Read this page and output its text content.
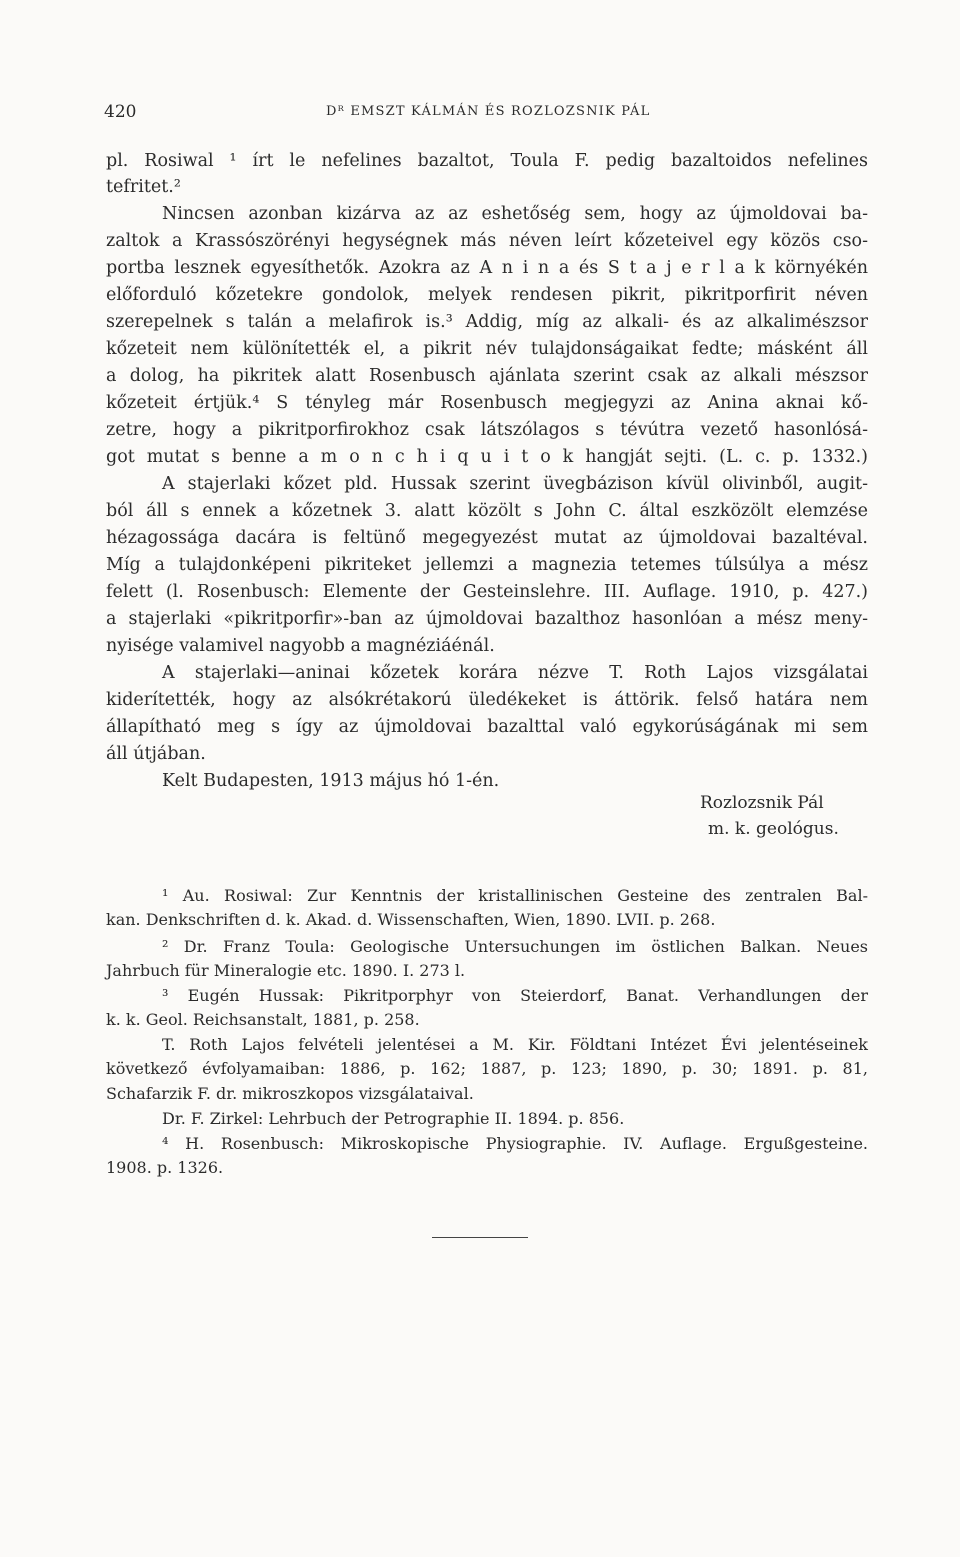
420	Dᴿ EMSZT KÁLMÁN ÉS ROZLOZSNIK PÁL
pl. Rosiwal ¹ írt le nefelines bazaltot, Toula F. pedig bazaltoidos nefelines
tefritet.²
Nincsen azonban kizárva az az eshetőség sem, hogy az újmoldovai ba-
zaltok a Krassószörényi hegységnek más néven leírt kőzeteivel egy közös cso-
portba lesznek egyesíthetők. Azokra az A n i n a és S t a j e r l a k környékén
előforduló kőzetekre gondolok, melyek rendesen pikrit, pikritporfirit néven
szerepelnek s talán a melafirok is.³ Addig, míg az alkali- és az alkalimészsor
kőzeteit nem különítették el, a pikrit név tulajdonságaikat fedte; másként áll
a dolog, ha pikritek alatt Rosenbusch ajánlata szerint csak az alkali mészsor
kőzeteit értjük.⁴ S tényleg már Rosenbusch megjegyzi az Anina aknai kő-
zetre, hogy a pikritporfirokhoz csak látszólagos s tévútra vezető hasonlósá-
got mutat s benne a m o n c h i q u i t o k hangját sejti. (L. c. p. 1332.)
A stajerlaki kőzet pld. Hussak szerint üvegbázison kívül olivinből, augit-
ból áll s ennek a kőzetnek 3. alatt közölt s John C. által eszközölt elemzése
hézagossága dacára is feltünő megegyezést mutat az újmoldovai bazaltéval.
Míg a tulajdonképeni pikriteket jellemzi a magnezia tetemes túlsúlya a mész
felett (l. Rosenbusch: Elemente der Gesteinslehre. III. Auflage. 1910, p. 427.)
a stajerlaki «pikritporfir»-ban az újmoldovai bazalthoz hasonlóan a mész meny-
nyisége valamivel nagyobb a magnéziáénál.
A stajerlaki—aninai kőzetek korára nézve T. Roth Lajos vizsgálatai
kiderítették, hogy az alsókrétakorú üledékeket is áttörik. felső határa nem
állapítható meg s így az újmoldovai bazalttal való egykorúságának mi sem
áll útjában.
Kelt Budapesten, 1913 május hó 1-én.
Rozlozsnik Pál
m. k. geológus.
¹ Au. Rosiwal: Zur Kenntnis der kristallinischen Gesteine des zentralen Bal-
kan. Denkschriften d. k. Akad. d. Wissenschaften, Wien, 1890. LVII. p. 268.
² Dr. Franz Toula: Geologische Untersuchungen im östlichen Balkan. Neues
Jahrbuch für Mineralogie etc. 1890. I. 273 l.
³ Eugén Hussak: Pikritporphyr von Steierdorf, Banat. Verhandlungen der
k. k. Geol. Reichsanstalt, 1881, p. 258.
T. Roth Lajos felvételi jelentései a M. Kir. Földtani Intézet Évi jelentéseinek
következő évfolyamaiban: 1886, p. 162; 1887, p. 123; 1890, p. 30; 1891. p. 81,
Schafarzik F. dr. mikroszkopos vizsgálataival.
Dr. F. Zirkel: Lehrbuch der Petrographie II. 1894. p. 856.
⁴ H. Rosenbusch: Mikroskopische Physiographie. IV. Auflage. Ergußgesteine.
1908. p. 1326.
